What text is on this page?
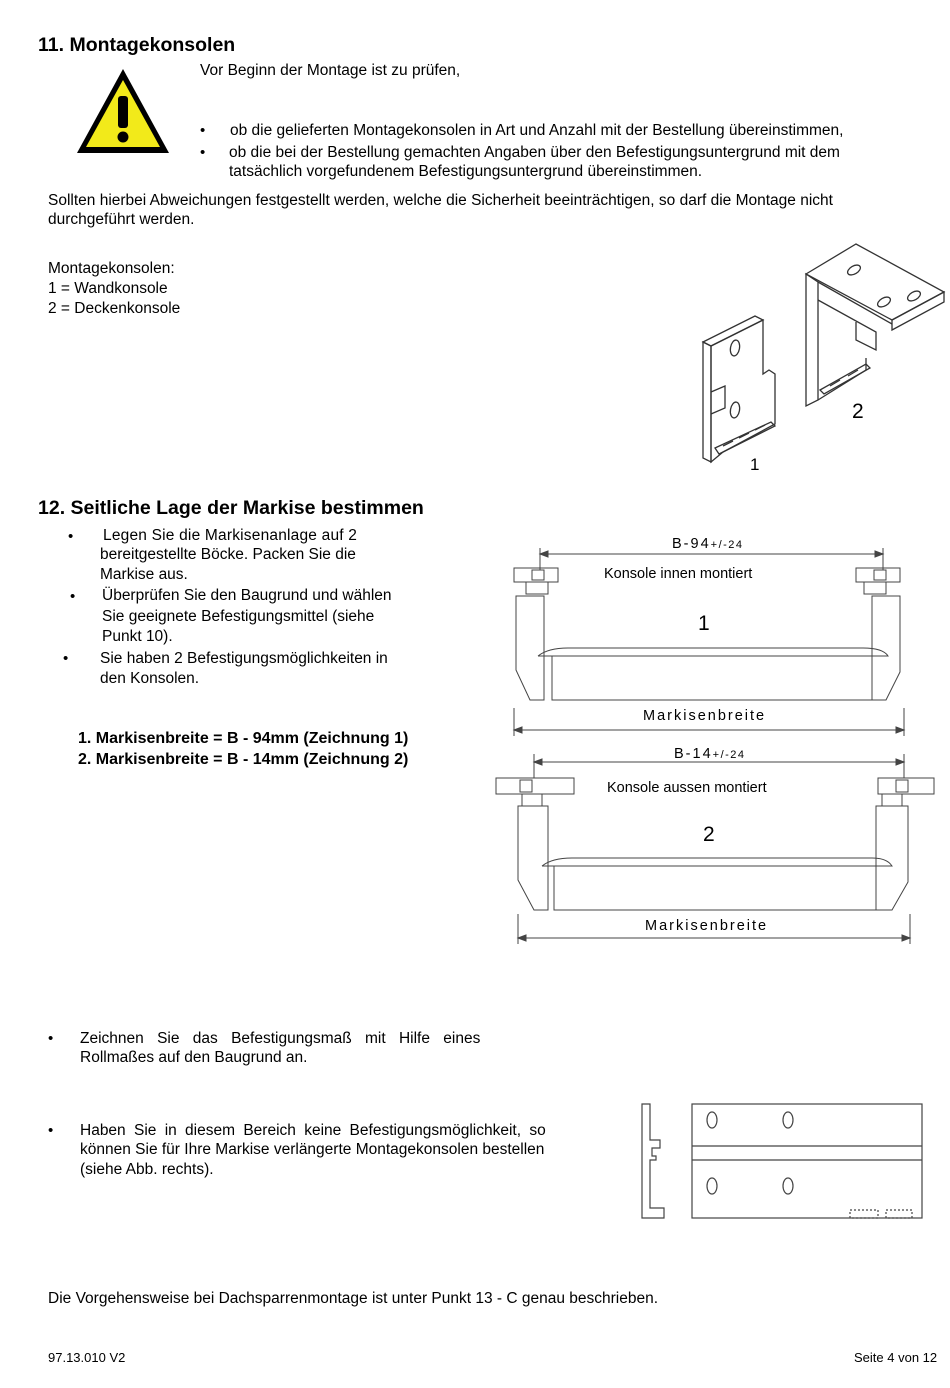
11. Montagekonsolen
Vor Beginn der Montage ist zu prüfen,
• ob die gelieferten Montagekonsolen in Art und Anzahl mit der Bestellung übereinstimmen,
• ob die bei der Bestellung gemachten Angaben über den Befestigungsuntergrund mit dem
tatsächlich vorgefundenem Befestigungsuntergrund übereinstimmen.
Sollten hierbei Abweichungen festgestellt werden, welche die Sicherheit beeinträchtigen, so darf die Montage nicht
durchgeführt werden.
Montagekonsolen:
1 = Wandkonsole
2 = Deckenkonsole
1
2
12. Seitliche Lage der Markise bestimmen
• Legen Sie die Markisenanlage auf 2
bereitgestellte Böcke. Packen Sie die
Markise aus.
• Überprüfen Sie den Baugrund und wählen
Sie geeignete Befestigungsmittel (siehe
Punkt 10).
• Sie haben 2 Befestigungsmöglichkeiten in
den Konsolen.
1. Markisenbreite = B - 94mm (Zeichnung 1)
2. Markisenbreite = B - 14mm (Zeichnung 2)
B-94+/-24
Konsole innen montiert
1
Markisenbreite
B-14+/-24
Konsole aussen montiert
2
Markisenbreite
• Zeichnen Sie das Befestigungsmaß mit Hilfe eines
Rollmaßes auf den Baugrund an.
• Haben Sie in diesem Bereich keine Befestigungsmöglichkeit, so
können Sie für Ihre Markise verlängerte Montagekonsolen bestellen
(siehe Abb. rechts).
Die Vorgehensweise bei Dachsparrenmontage ist unter Punkt 13 - C genau beschrieben.
97.13.010 V2	Seite 4 von 12
